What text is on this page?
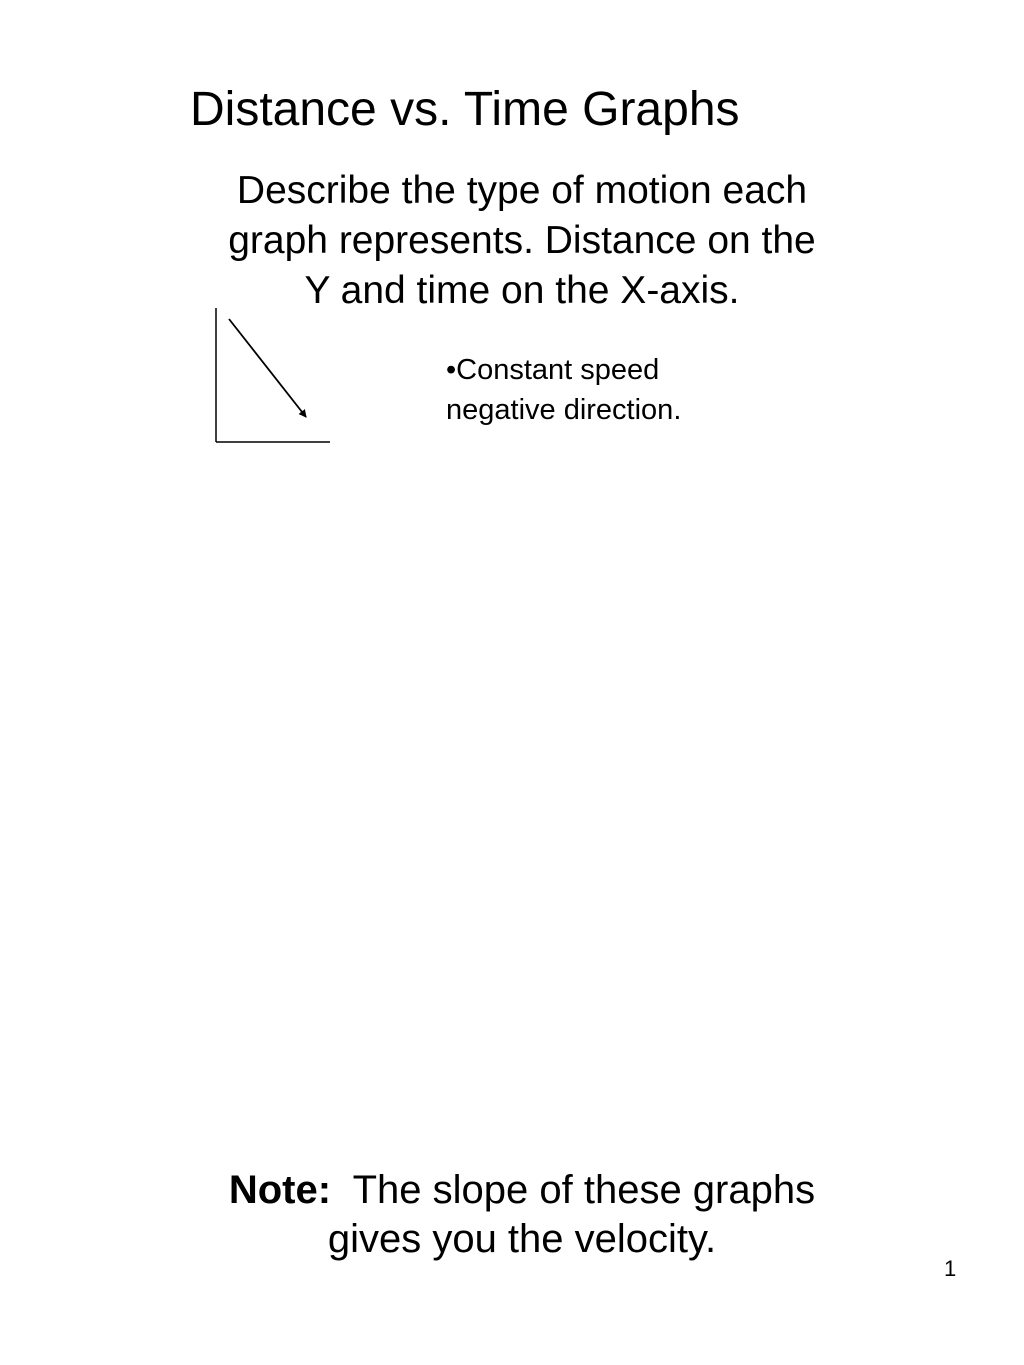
Distance vs. Time Graphs
Describe the type of motion each
graph represents. Distance on the
Y and time on the X-axis.
•Constant speed
negative direction.
Note: The slope of these graphs
gives you the velocity.
1
